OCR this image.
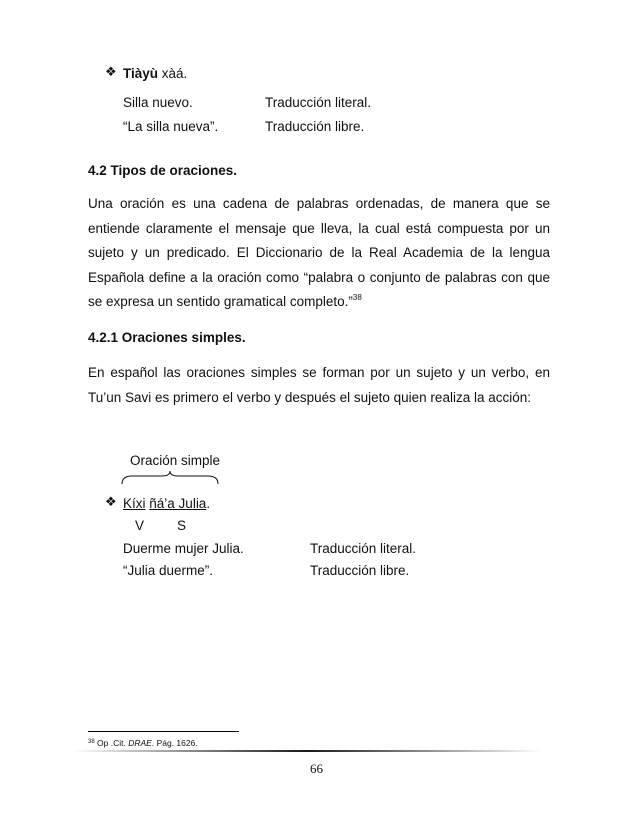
❖ Tiàyù xàá.
Silla nuevo.	Traducción literal.
“La silla nueva”.	Traducción libre.
4.2 Tipos de oraciones.
Una oración es una cadena de palabras ordenadas, de manera que se entiende claramente el mensaje que lleva, la cual está compuesta por un sujeto y un predicado. El Diccionario de la Real Academia de la lengua Española define a la oración como “palabra o conjunto de palabras con que se expresa un sentido gramatical completo.”$^{38}$
4.2.1 Oraciones simples.
En español las oraciones simples se forman por un sujeto y un verbo, en Tu’un Savi es primero el verbo y después el sujeto quien realiza la acción:
Oración simple
❖ Kíxi ñá’a Julia.
V S
Duerme mujer Julia.	Traducción literal.
“Julia duerme”.	Traducción libre.
$^{38}$ Op .Cit. DRAE. Pág. 1626.
66
